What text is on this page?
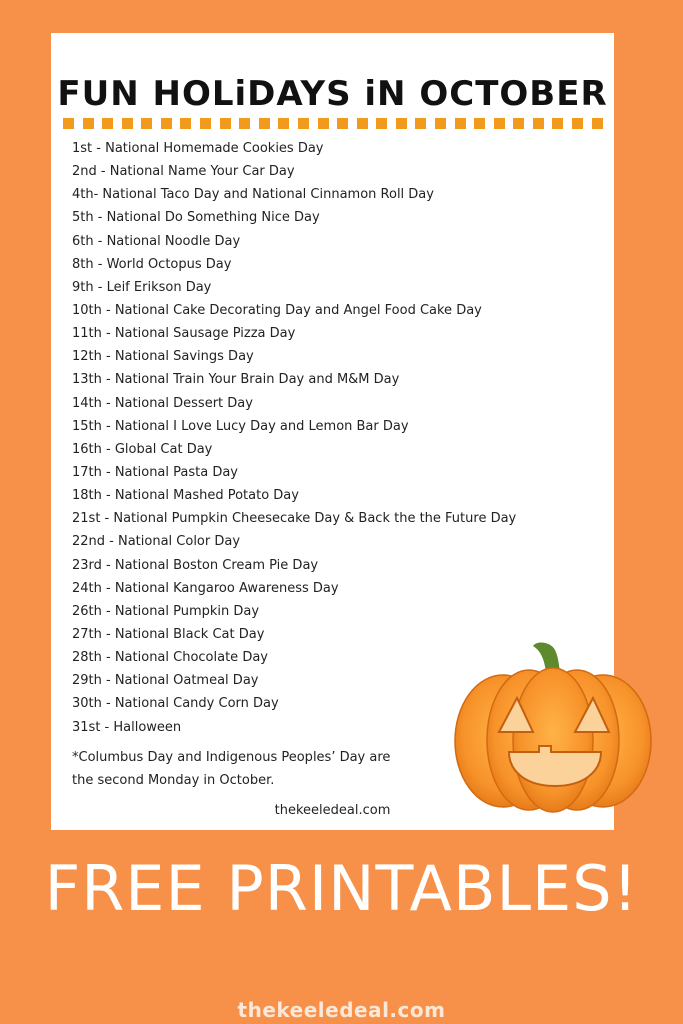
FUN HOLiDAYS iN OCTOBER
1st - National Homemade Cookies Day
2nd - National Name Your Car Day
4th- National Taco Day and National Cinnamon Roll Day
5th - National Do Something Nice Day
6th - National Noodle Day
8th - World Octopus Day
9th - Leif Erikson Day
10th - National Cake Decorating Day and Angel Food Cake Day
11th - National Sausage Pizza Day
12th - National Savings Day
13th - National Train Your Brain Day and M&M Day
14th - National Dessert Day
15th - National I Love Lucy Day and Lemon Bar Day
16th - Global Cat Day
17th - National Pasta Day
18th - National Mashed Potato Day
21st - National Pumpkin Cheesecake Day & Back the the Future Day
22nd - National Color Day
23rd - National Boston Cream Pie Day
24th - National Kangaroo Awareness Day
26th - National Pumpkin Day
27th - National Black Cat Day
28th - National Chocolate Day
29th - National Oatmeal Day
30th - National Candy Corn Day
31st - Halloween
*Columbus Day and Indigenous Peoples’ Day are
the second Monday in October.
thekeeledeal.com
FREE PRINTABLES!
thekeeledeal.com
